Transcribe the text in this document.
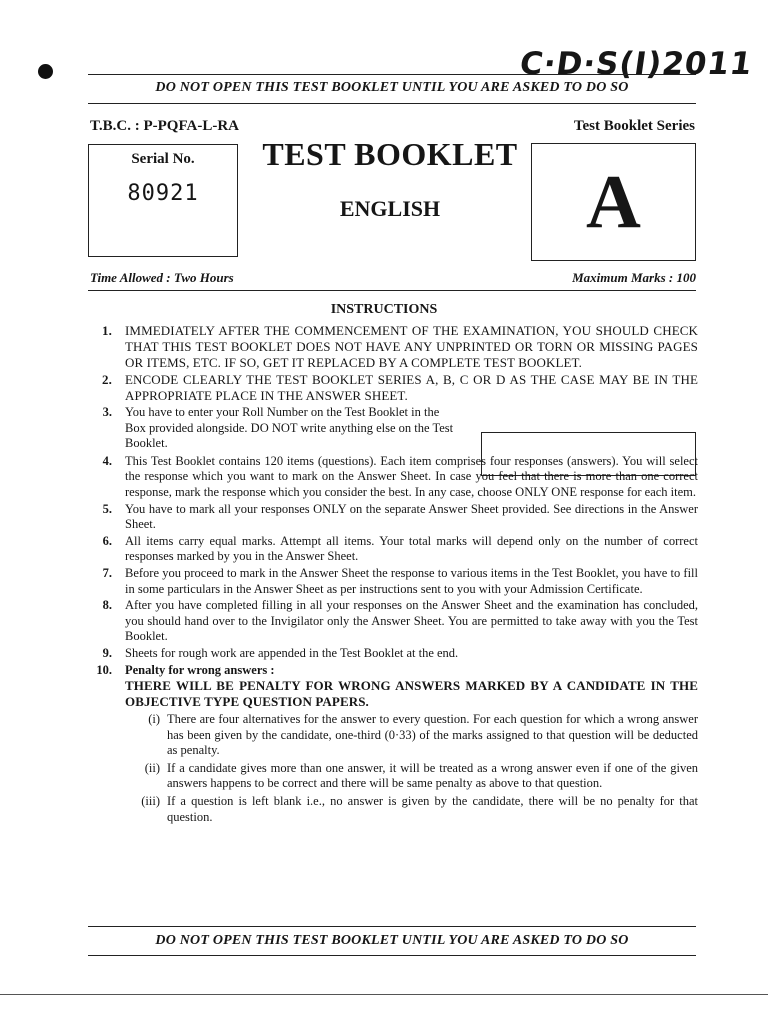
C·D·S(I)2011
DO NOT OPEN THIS TEST BOOKLET UNTIL YOU ARE ASKED TO DO SO
T.B.C. : P-PQFA-L-RA	Test Booklet Series
Serial No.
80921
TEST BOOKLET
ENGLISH	A
Time Allowed : Two Hours	Maximum Marks : 100
INSTRUCTIONS
1. IMMEDIATELY AFTER THE COMMENCEMENT OF THE EXAMINATION, YOU SHOULD CHECK THAT THIS TEST BOOKLET DOES NOT HAVE ANY UNPRINTED OR TORN OR MISSING PAGES OR ITEMS, ETC. IF SO, GET IT REPLACED BY A COMPLETE TEST BOOKLET.
2. ENCODE CLEARLY THE TEST BOOKLET SERIES A, B, C OR D AS THE CASE MAY BE IN THE APPROPRIATE PLACE IN THE ANSWER SHEET.
3. You have to enter your Roll Number on the Test Booklet in the Box provided alongside. DO NOT write anything else on the Test Booklet.
4. This Test Booklet contains 120 items (questions). Each item comprises four responses (answers). You will select the response which you want to mark on the Answer Sheet. In case you feel that there is more than one correct response, mark the response which you consider the best. In any case, choose ONLY ONE response for each item.
5. You have to mark all your responses ONLY on the separate Answer Sheet provided. See directions in the Answer Sheet.
6. All items carry equal marks. Attempt all items. Your total marks will depend only on the number of correct responses marked by you in the Answer Sheet.
7. Before you proceed to mark in the Answer Sheet the response to various items in the Test Booklet, you have to fill in some particulars in the Answer Sheet as per instructions sent to you with your Admission Certificate.
8. After you have completed filling in all your responses on the Answer Sheet and the examination has concluded, you should hand over to the Invigilator only the Answer Sheet. You are permitted to take away with you the Test Booklet.
9. Sheets for rough work are appended in the Test Booklet at the end.
10. Penalty for wrong answers :
THERE WILL BE PENALTY FOR WRONG ANSWERS MARKED BY A CANDIDATE IN THE OBJECTIVE TYPE QUESTION PAPERS.
(i) There are four alternatives for the answer to every question. For each question for which a wrong answer has been given by the candidate, one-third (0·33) of the marks assigned to that question will be deducted as penalty.
(ii) If a candidate gives more than one answer, it will be treated as a wrong answer even if one of the given answers happens to be correct and there will be same penalty as above to that question.
(iii) If a question is left blank i.e., no answer is given by the candidate, there will be no penalty for that question.
DO NOT OPEN THIS TEST BOOKLET UNTIL YOU ARE ASKED TO DO SO
